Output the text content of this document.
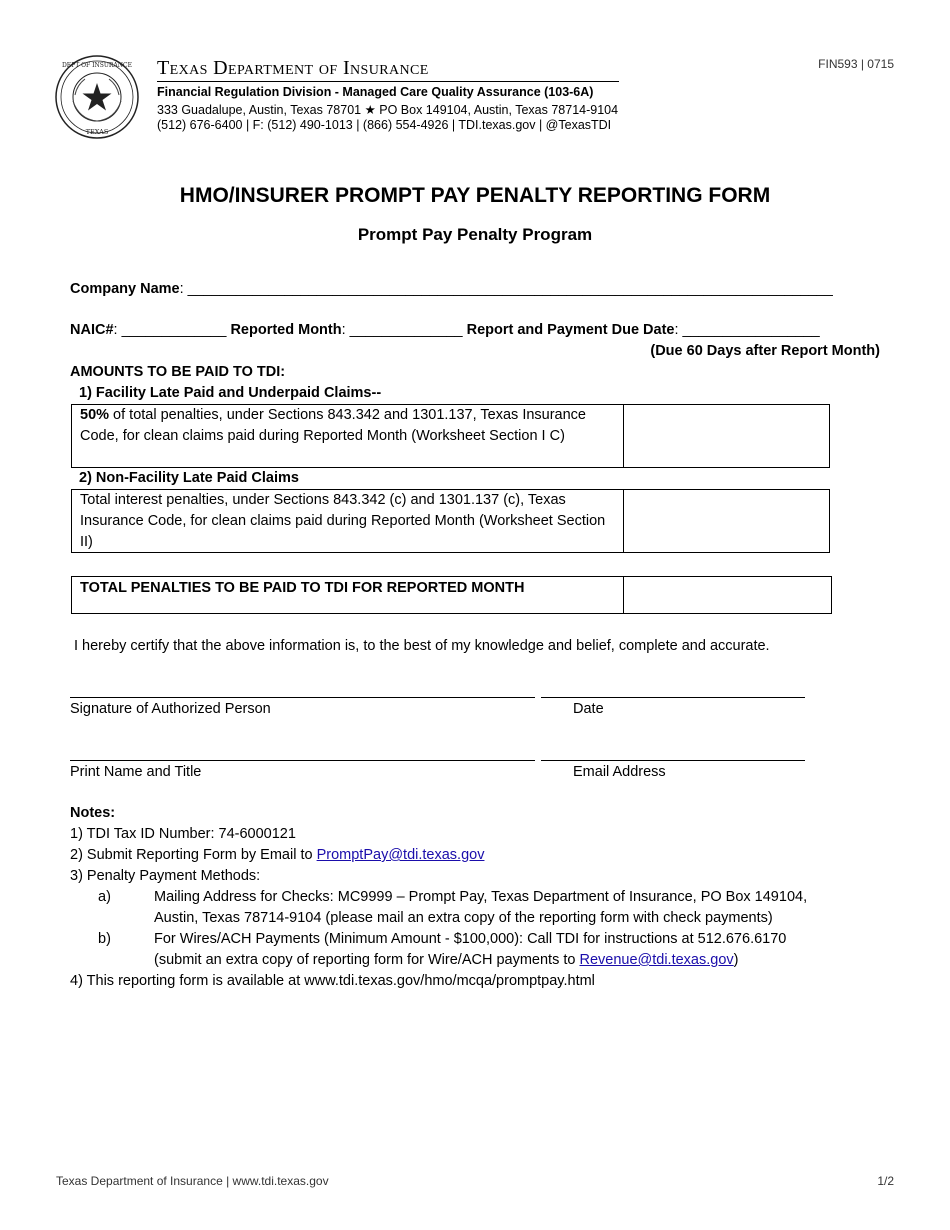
DEPT OF INSURANCE
TEXAS
Texas Department of Insurance
Financial Regulation Division - Managed Care Quality Assurance (103-6A)
333 Guadalupe, Austin, Texas 78701 ★ PO Box 149104, Austin, Texas 78714-9104
(512) 676-6400 | F: (512) 490-1013 | (866) 554-4926 | TDI.texas.gov | @TexasTDI
FIN593 | 0715
HMO/INSURER PROMPT PAY PENALTY REPORTING FORM
Prompt Pay Penalty Program
Company Name: ________________________________________________________________________________
NAIC#: _____________ Reported Month: ______________ Report and Payment Due Date: _________________
(Due 60 Days after Report Month)
AMOUNTS TO BE PAID TO TDI:
1) Facility Late Paid and Underpaid Claims--
50% of total penalties, under Sections 843.342 and 1301.137, Texas Insurance Code, for clean claims paid during Reported Month (Worksheet Section I C)
2) Non-Facility Late Paid Claims
Total interest penalties, under Sections 843.342 (c) and 1301.137 (c), Texas Insurance Code, for clean claims paid during Reported Month (Worksheet Section II)
TOTAL PENALTIES TO BE PAID TO TDI FOR REPORTED MONTH
I hereby certify that the above information is, to the best of my knowledge and belief, complete and accurate.
Signature of Authorized Person	Date
Print Name and Title	Email Address
Notes:
1) TDI Tax ID Number: 74-6000121
2) Submit Reporting Form by Email to PromptPay@tdi.texas.gov
3) Penalty Payment Methods:
a)	Mailing Address for Checks: MC9999 – Prompt Pay, Texas Department of Insurance, PO Box 149104,
Austin, Texas 78714-9104 (please mail an extra copy of the reporting form with check payments)
b)	For Wires/ACH Payments (Minimum Amount - $100,000): Call TDI for instructions at 512.676.6170
(submit an extra copy of reporting form for Wire/ACH payments to Revenue@tdi.texas.gov)
4) This reporting form is available at www.tdi.texas.gov/hmo/mcqa/promptpay.html
Texas Department of Insurance | www.tdi.texas.gov	1/2
